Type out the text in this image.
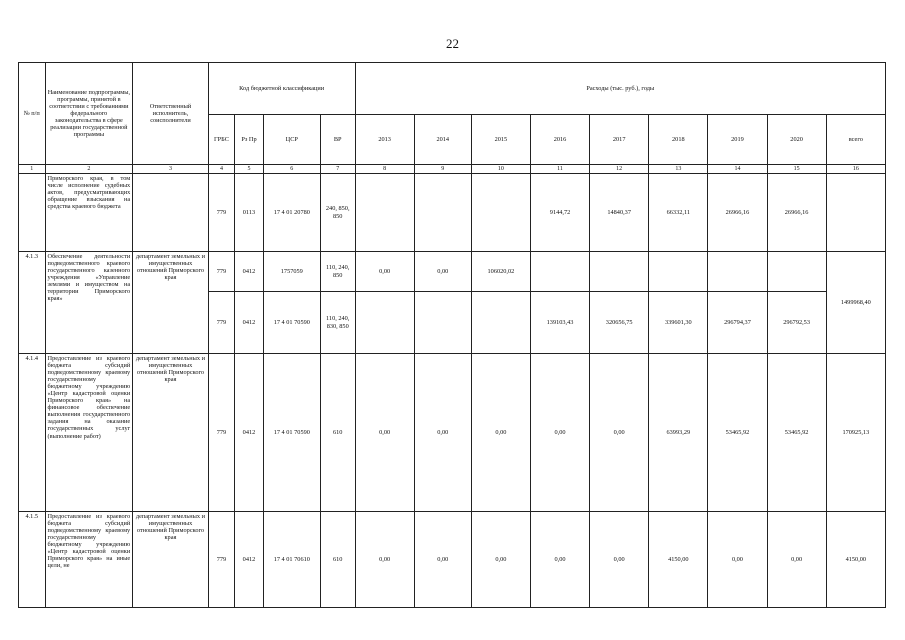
22
№ п/п	Наименование подпрограммы, программы, принятой в соответствии с требованиями федерального законодательства в сфере реализации государственной программы	Ответственный исполнитель, соисполнители	Код бюджетной классификации				Расходы (тыс. руб.), годы								
			ГРБС	Рз Пр	ЦСР	ВР	2013	2014	2015	2016	2017	2018	2019	2020	всего
1	2	3	4	5	6	7	8	9	10	11	12	13	14	15	16
	Приморского края, в том числе исполнение судебных актов, предусматривающих обращение взыскания на средства краевого бюджета		779	0113	17 4 01 20780	240, 850, 850				9144,72	14840,37	66332,11	26966,16	26966,16	
4.1.3	Обеспечение деятельности подведомственного краевого государственного казенного учреждения «Управление землями и имуществом на территории Приморского края»	департамент земельных и имущественных отношений Приморского края	779	0412	1757059	110, 240, 850	0,00	0,00	106020,02						1499968,40
			779	0412	17 4 01 70590	110, 240, 830, 850				139103,43	320656,75	339601,30	296794,37	296792,53	
4.1.4	Предоставление из краевого бюджета субсидий подведомственному краевому государственному бюджетному учреждению «Центр кадастровой оценки Приморского края» на финансовое обеспечение выполнения государственного задания на оказание государственных услуг (выполнение работ)	департамент земельных и имущественных отношений Приморского края	779	0412	17 4 01 70590	610	0,00	0,00	0,00	0,00	0,00	63993,29	53465,92	53465,92	170925,13
4.1.5	Предоставление из краевого бюджета субсидий подведомственному краевому государственному бюджетному учреждению «Центр кадастровой оценки Приморского края» на иные цели, не	департамент земельных и имущественных отношений Приморского края	779	0412	17 4 01 70610	610	0,00	0,00	0,00	0,00	0,00	4150,00	0,00	0,00	4150,00
